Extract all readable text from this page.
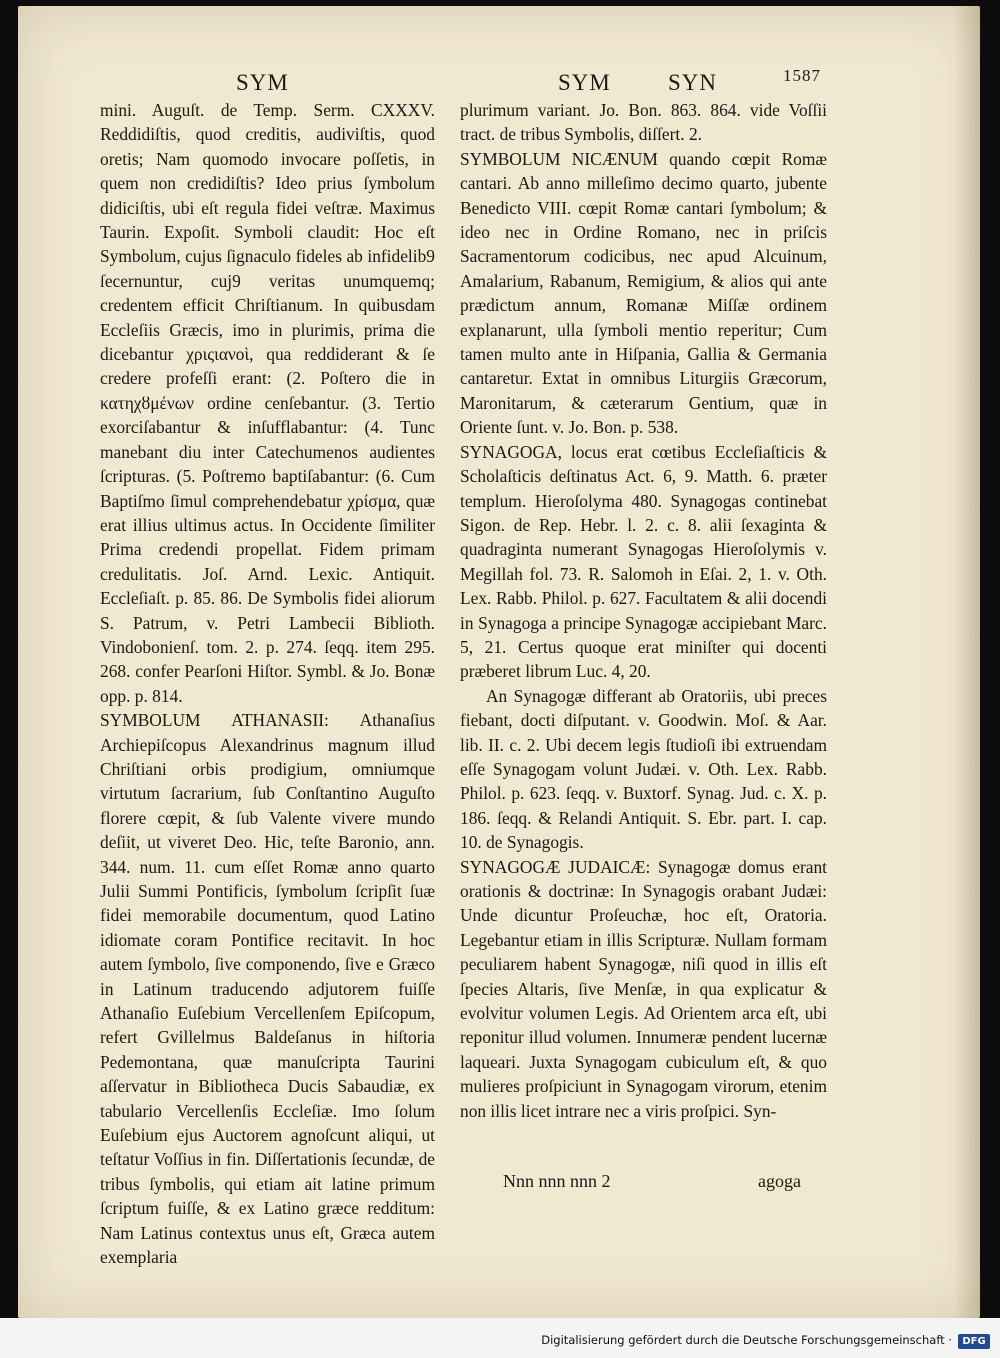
SYM	SYM SYN	1587

mini. Auguſt. de Temp. Serm. CXXXV. Reddidiſtis, quod creditis, audiviſtis, quod oretis; Nam quomodo invocare poſſetis, in quem non credidiſtis? Ideo prius ſymbolum didiciſtis, ubi eſt regula fidei veſtræ. Maximus Taurin. Expoſit. Symboli claudit: Hoc eſt Symbolum, cujus ſignaculo fideles ab infidelib9 ſecernuntur, cuj9 veritas unumquemq; credentem efficit Chriſtianum. In quibusdam Eccleſiis Græcis, imo in plurimis, prima die dicebantur χριςιανοὶ, qua reddiderant & ſe credere profeſſi erant: (2. Poſtero die in κατηχȣμένων ordine cenſebantur. (3. Tertio exorciſabantur & inſufflabantur: (4. Tunc manebant diu inter Catechumenos audientes ſcripturas. (5. Poſtremo baptiſabantur: (6. Cum Baptiſmo ſimul comprehendebatur χρίσμα, quæ erat illius ultimus actus. In Occidente ſimiliter Prima credendi propellat. Fidem primam credulitatis. Joſ. Arnd. Lexic. Antiquit. Eccleſiaſt. p. 85. 86. De Symbolis fidei aliorum S. Patrum, v. Petri Lambecii Biblioth. Vindobonienſ. tom. 2. p. 274. ſeqq. item 295. 268. confer Pearſoni Hiſtor. Symbl. & Jo. Bonæ opp. p. 814.

SYMBOLUM ATHANASII: Athanaſius Archiepiſcopus Alexandrinus magnum illud Chriſtiani orbis prodigium, omniumque virtutum ſacrarium, ſub Conſtantino Auguſto florere cœpit, & ſub Valente vivere mundo deſiit, ut viveret Deo. Hic, teſte Baronio, ann. 344. num. 11. cum eſſet Romæ anno quarto Julii Summi Pontificis, ſymbolum ſcripſit ſuæ fidei memorabile documentum, quod Latino idiomate coram Pontifice recitavit. In hoc autem ſymbolo, ſive componendo, ſive e Græco in Latinum traducendo adjutorem fuiſſe Athanaſio Euſebium Vercellenſem Epiſcopum, refert Gvillelmus Baldeſanus in hiſtoria Pedemontana, quæ manuſcripta Taurini aſſervatur in Bibliotheca Ducis Sabaudiæ, ex tabulario Vercellenſis Eccleſiæ. Imo ſolum Euſebium ejus Auctorem agnoſcunt aliqui, ut teſtatur Voſſius in fin. Diſſertationis ſecundæ, de tribus ſymbolis, qui etiam ait latine primum ſcriptum fuiſſe, & ex Latino græce redditum: Nam Latinus contextus unus eſt, Græca autem exemplaria

plurimum variant. Jo. Bon. 863. 864. vide Voſſii tract. de tribus Symbolis, diſſert. 2.

SYMBOLUM NICÆNUM quando cœpit Romæ cantari. Ab anno milleſimo decimo quarto, jubente Benedicto VIII. cœpit Romæ cantari ſymbolum; & ideo nec in Ordine Romano, nec in priſcis Sacramentorum codicibus, nec apud Alcuinum, Amalarium, Rabanum, Remigium, & alios qui ante prædictum annum, Romanæ Miſſæ ordinem explanarunt, ulla ſymboli mentio reperitur; Cum tamen multo ante in Hiſpania, Gallia & Germania cantaretur. Extat in omnibus Liturgiis Græcorum, Maronitarum, & cæterarum Gentium, quæ in Oriente ſunt. v. Jo. Bon. p. 538.

SYNAGOGA, locus erat cœtibus Eccleſiaſticis & Scholaſticis deſtinatus Act. 6, 9. Matth. 6. præter templum. Hieroſolyma 480. Synagogas continebat Sigon. de Rep. Hebr. l. 2. c. 8. alii ſexaginta & quadraginta numerant Synagogas Hieroſolymis v. Megillah fol. 73. R. Salomoh in Eſai. 2, 1. v. Oth. Lex. Rabb. Philol. p. 627. Facultatem & alii docendi in Synagoga a principe Synagogæ accipiebant Marc. 5, 21. Certus quoque erat miniſter qui docenti præberet librum Luc. 4, 20.

An Synagogæ differant ab Oratoriis, ubi preces fiebant, docti diſputant. v. Goodwin. Moſ. & Aar. lib. II. c. 2. Ubi decem legis ſtudioſi ibi extruendam eſſe Synagogam volunt Judæi. v. Oth. Lex. Rabb. Philol. p. 623. ſeqq. v. Buxtorf. Synag. Jud. c. X. p. 186. ſeqq. & Relandi Antiquit. S. Ebr. part. I. cap. 10. de Synagogis.

SYNAGOGÆ JUDAICÆ: Synagogæ domus erant orationis & doctrinæ: In Synagogis orabant Judæi: Unde dicuntur Proſeuchæ, hoc eſt, Oratoria. Legebantur etiam in illis Scripturæ. Nullam formam peculiarem habent Synagogæ, niſi quod in illis eſt ſpecies Altaris, ſive Menſæ, in qua explicatur & evolvitur volumen Legis. Ad Orientem arca eſt, ubi reponitur illud volumen. Innumeræ pendent lucernæ laqueari. Juxta Synagogam cubiculum eſt, & quo mulieres proſpiciunt in Synagogam virorum, etenim non illis licet intrare nec a viris proſpici. Syn-

Nnn nnn nnn 2	agoga
Digitalisierung gefördert durch die Deutsche Forschungsgemeinschaft ·	DFG
